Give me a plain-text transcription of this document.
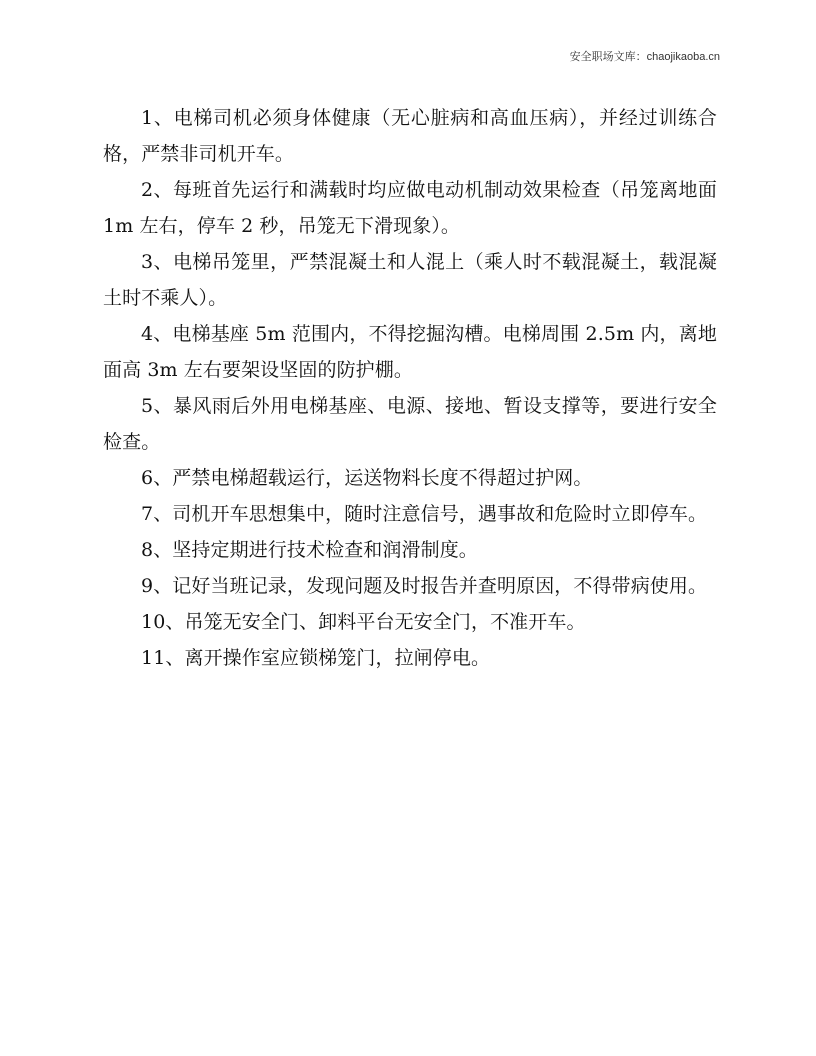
安全职场文库：chaojikaoba.cn

1、电梯司机必须身体健康（无心脏病和高血压病），并经过训练合格，严禁非司机开车。

2、每班首先运行和满载时均应做电动机制动效果检查（吊笼离地面 1m 左右，停车 2 秒，吊笼无下滑现象）。

3、电梯吊笼里，严禁混凝土和人混上（乘人时不载混凝土，载混凝土时不乘人）。

4、电梯基座 5m 范围内，不得挖掘沟槽。电梯周围 2.5m 内，离地面高 3m 左右要架设坚固的防护棚。

5、暴风雨后外用电梯基座、电源、接地、暂设支撑等，要进行安全检查。

6、严禁电梯超载运行，运送物料长度不得超过护网。

7、司机开车思想集中，随时注意信号，遇事故和危险时立即停车。

8、坚持定期进行技术检查和润滑制度。

9、记好当班记录，发现问题及时报告并查明原因，不得带病使用。

10、吊笼无安全门、卸料平台无安全门，不准开车。

11、离开操作室应锁梯笼门，拉闸停电。
